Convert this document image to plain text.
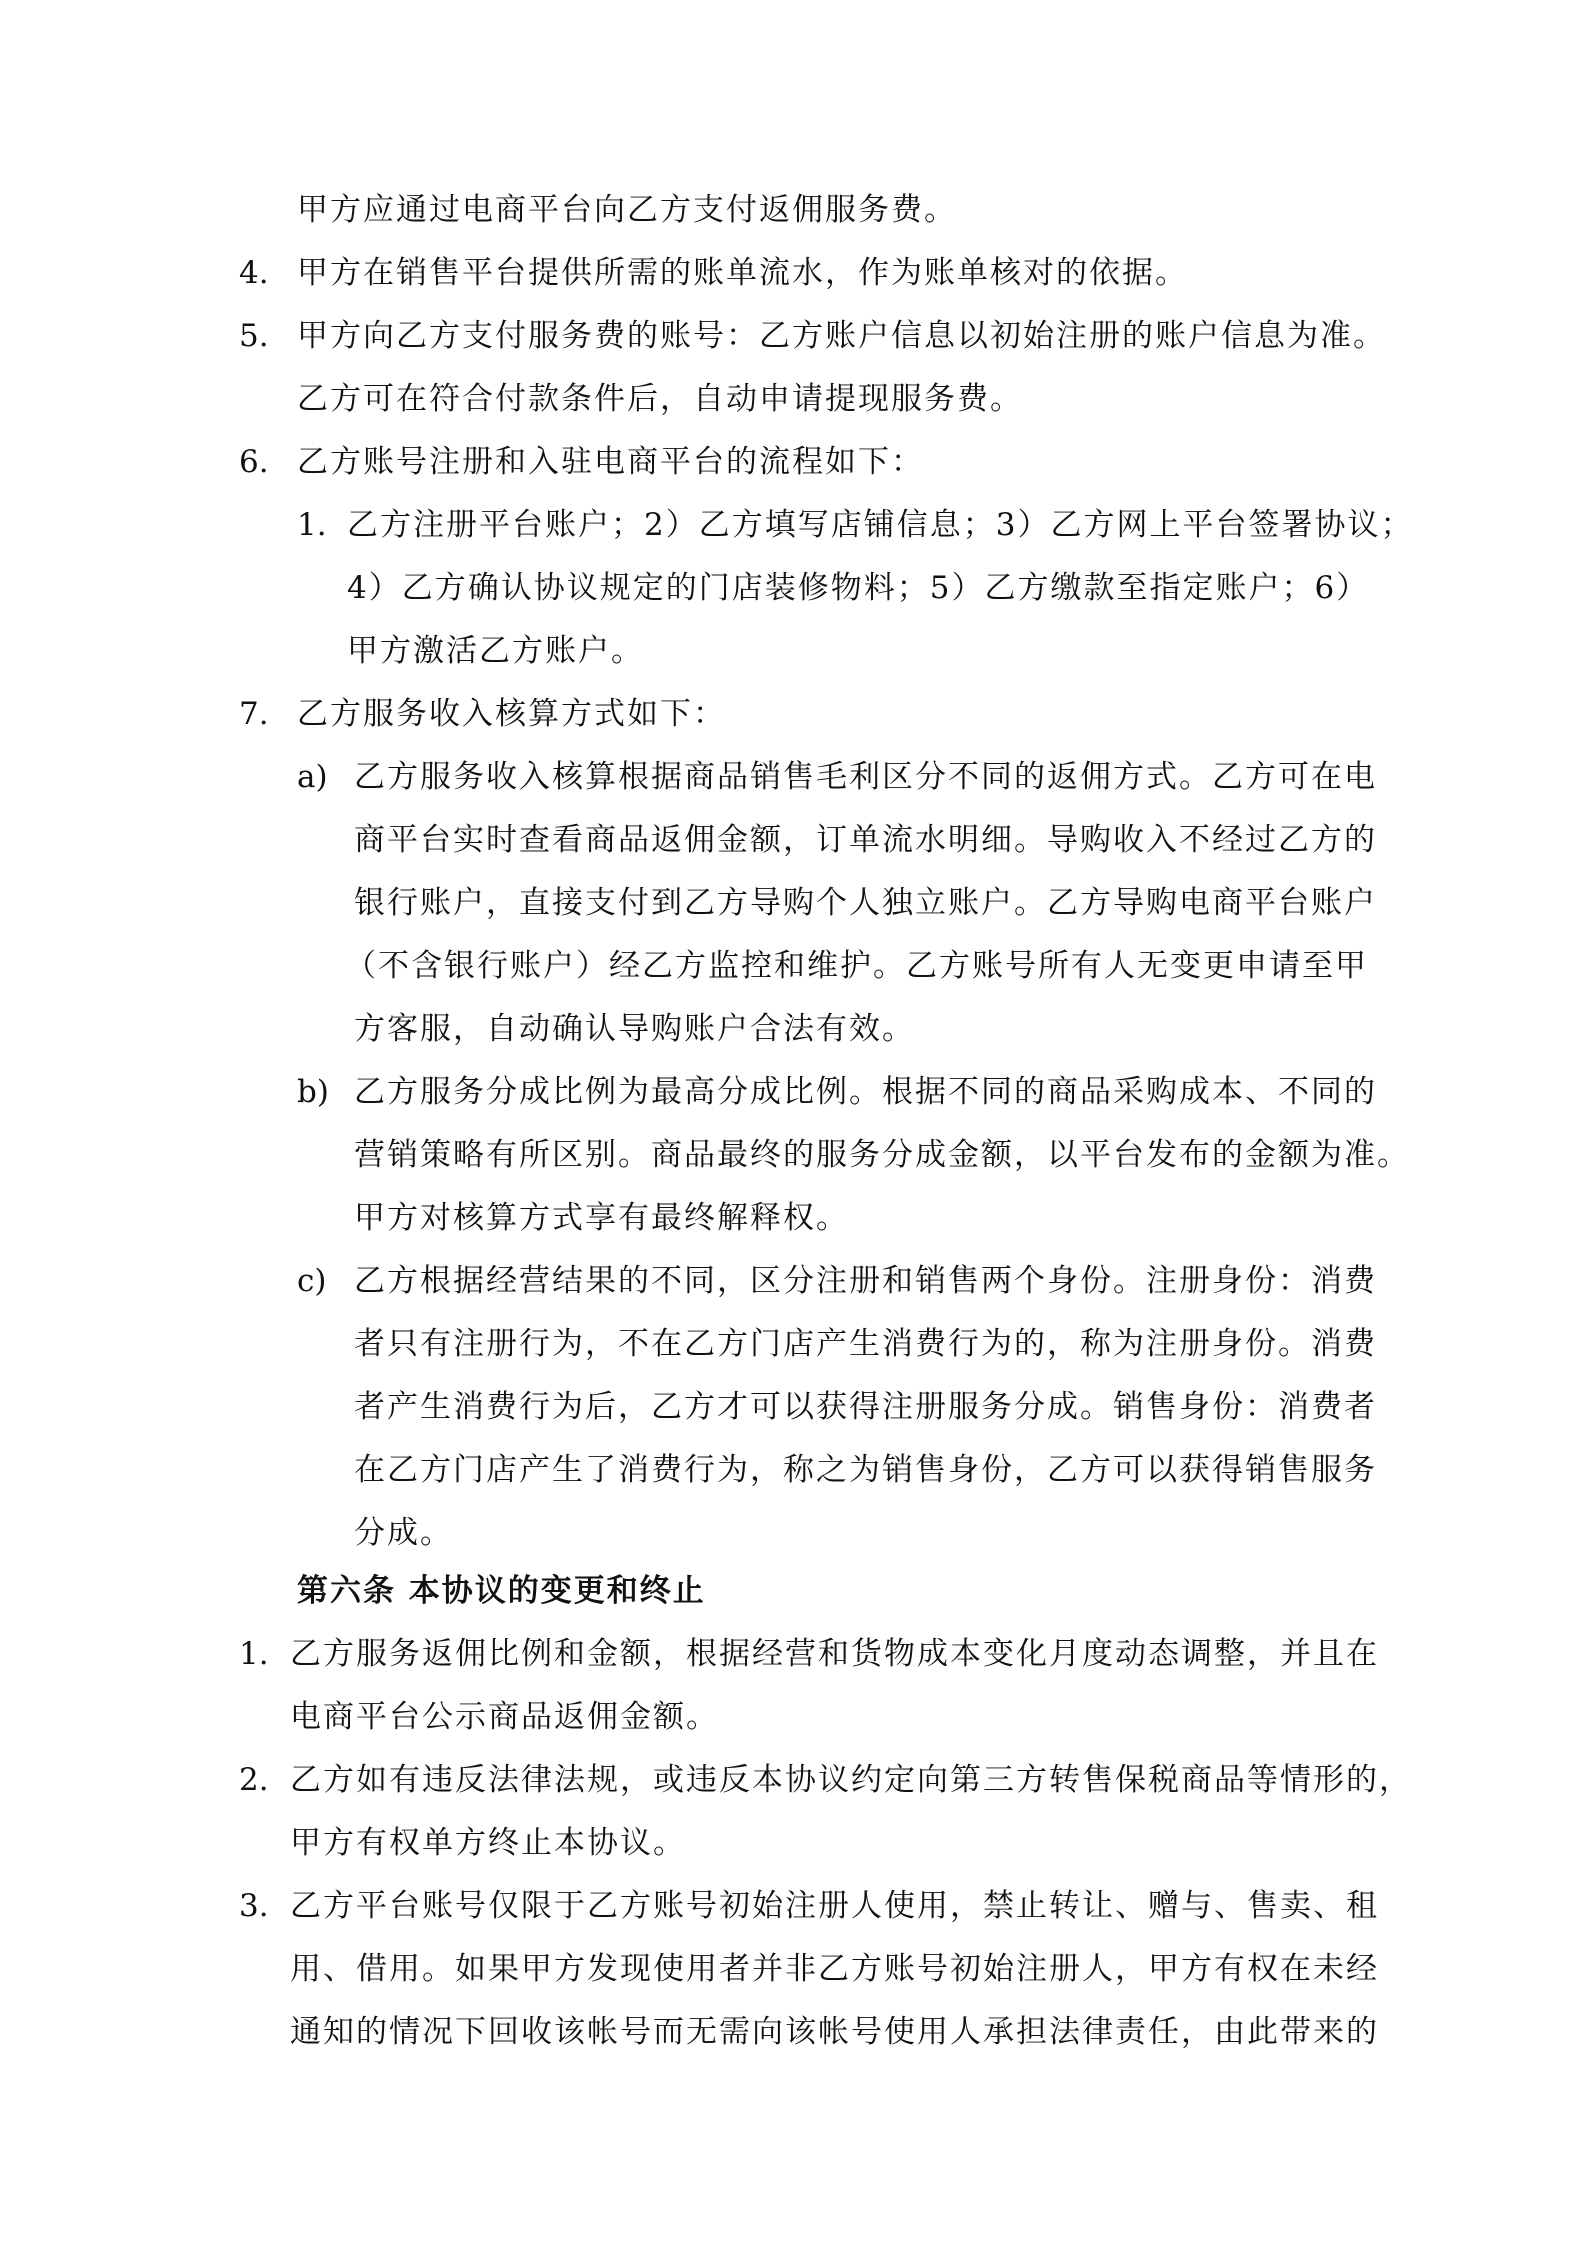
甲方应通过电商平台向乙方支付返佣服务费。
4. 甲方在销售平台提供所需的账单流水，作为账单核对的依据。
5. 甲方向乙方支付服务费的账号：乙方账户信息以初始注册的账户信息为准。
乙方可在符合付款条件后，自动申请提现服务费。
6. 乙方账号注册和入驻电商平台的流程如下：
1. 乙方注册平台账户；2）乙方填写店铺信息；3）乙方网上平台签署协议；
4）乙方确认协议规定的门店装修物料；5）乙方缴款至指定账户；6）
甲方激活乙方账户。
7. 乙方服务收入核算方式如下：
a) 乙方服务收入核算根据商品销售毛利区分不同的返佣方式。乙方可在电
商平台实时查看商品返佣金额，订单流水明细。导购收入不经过乙方的
银行账户，直接支付到乙方导购个人独立账户。乙方导购电商平台账户
（不含银行账户）经乙方监控和维护。乙方账号所有人无变更申请至甲
方客服，自动确认导购账户合法有效。
b) 乙方服务分成比例为最高分成比例。根据不同的商品采购成本、不同的
营销策略有所区别。商品最终的服务分成金额，以平台发布的金额为准。
甲方对核算方式享有最终解释权。
c) 乙方根据经营结果的不同，区分注册和销售两个身份。注册身份：消费
者只有注册行为，不在乙方门店产生消费行为的，称为注册身份。消费
者产生消费行为后，乙方才可以获得注册服务分成。销售身份：消费者
在乙方门店产生了消费行为，称之为销售身份，乙方可以获得销售服务
分成。
第六条 本协议的变更和终止
1. 乙方服务返佣比例和金额，根据经营和货物成本变化月度动态调整，并且在
电商平台公示商品返佣金额。
2. 乙方如有违反法律法规，或违反本协议约定向第三方转售保税商品等情形的，
甲方有权单方终止本协议。
3. 乙方平台账号仅限于乙方账号初始注册人使用，禁止转让、赠与、售卖、租
用、借用。如果甲方发现使用者并非乙方账号初始注册人，甲方有权在未经
通知的情况下回收该帐号而无需向该帐号使用人承担法律责任，由此带来的
